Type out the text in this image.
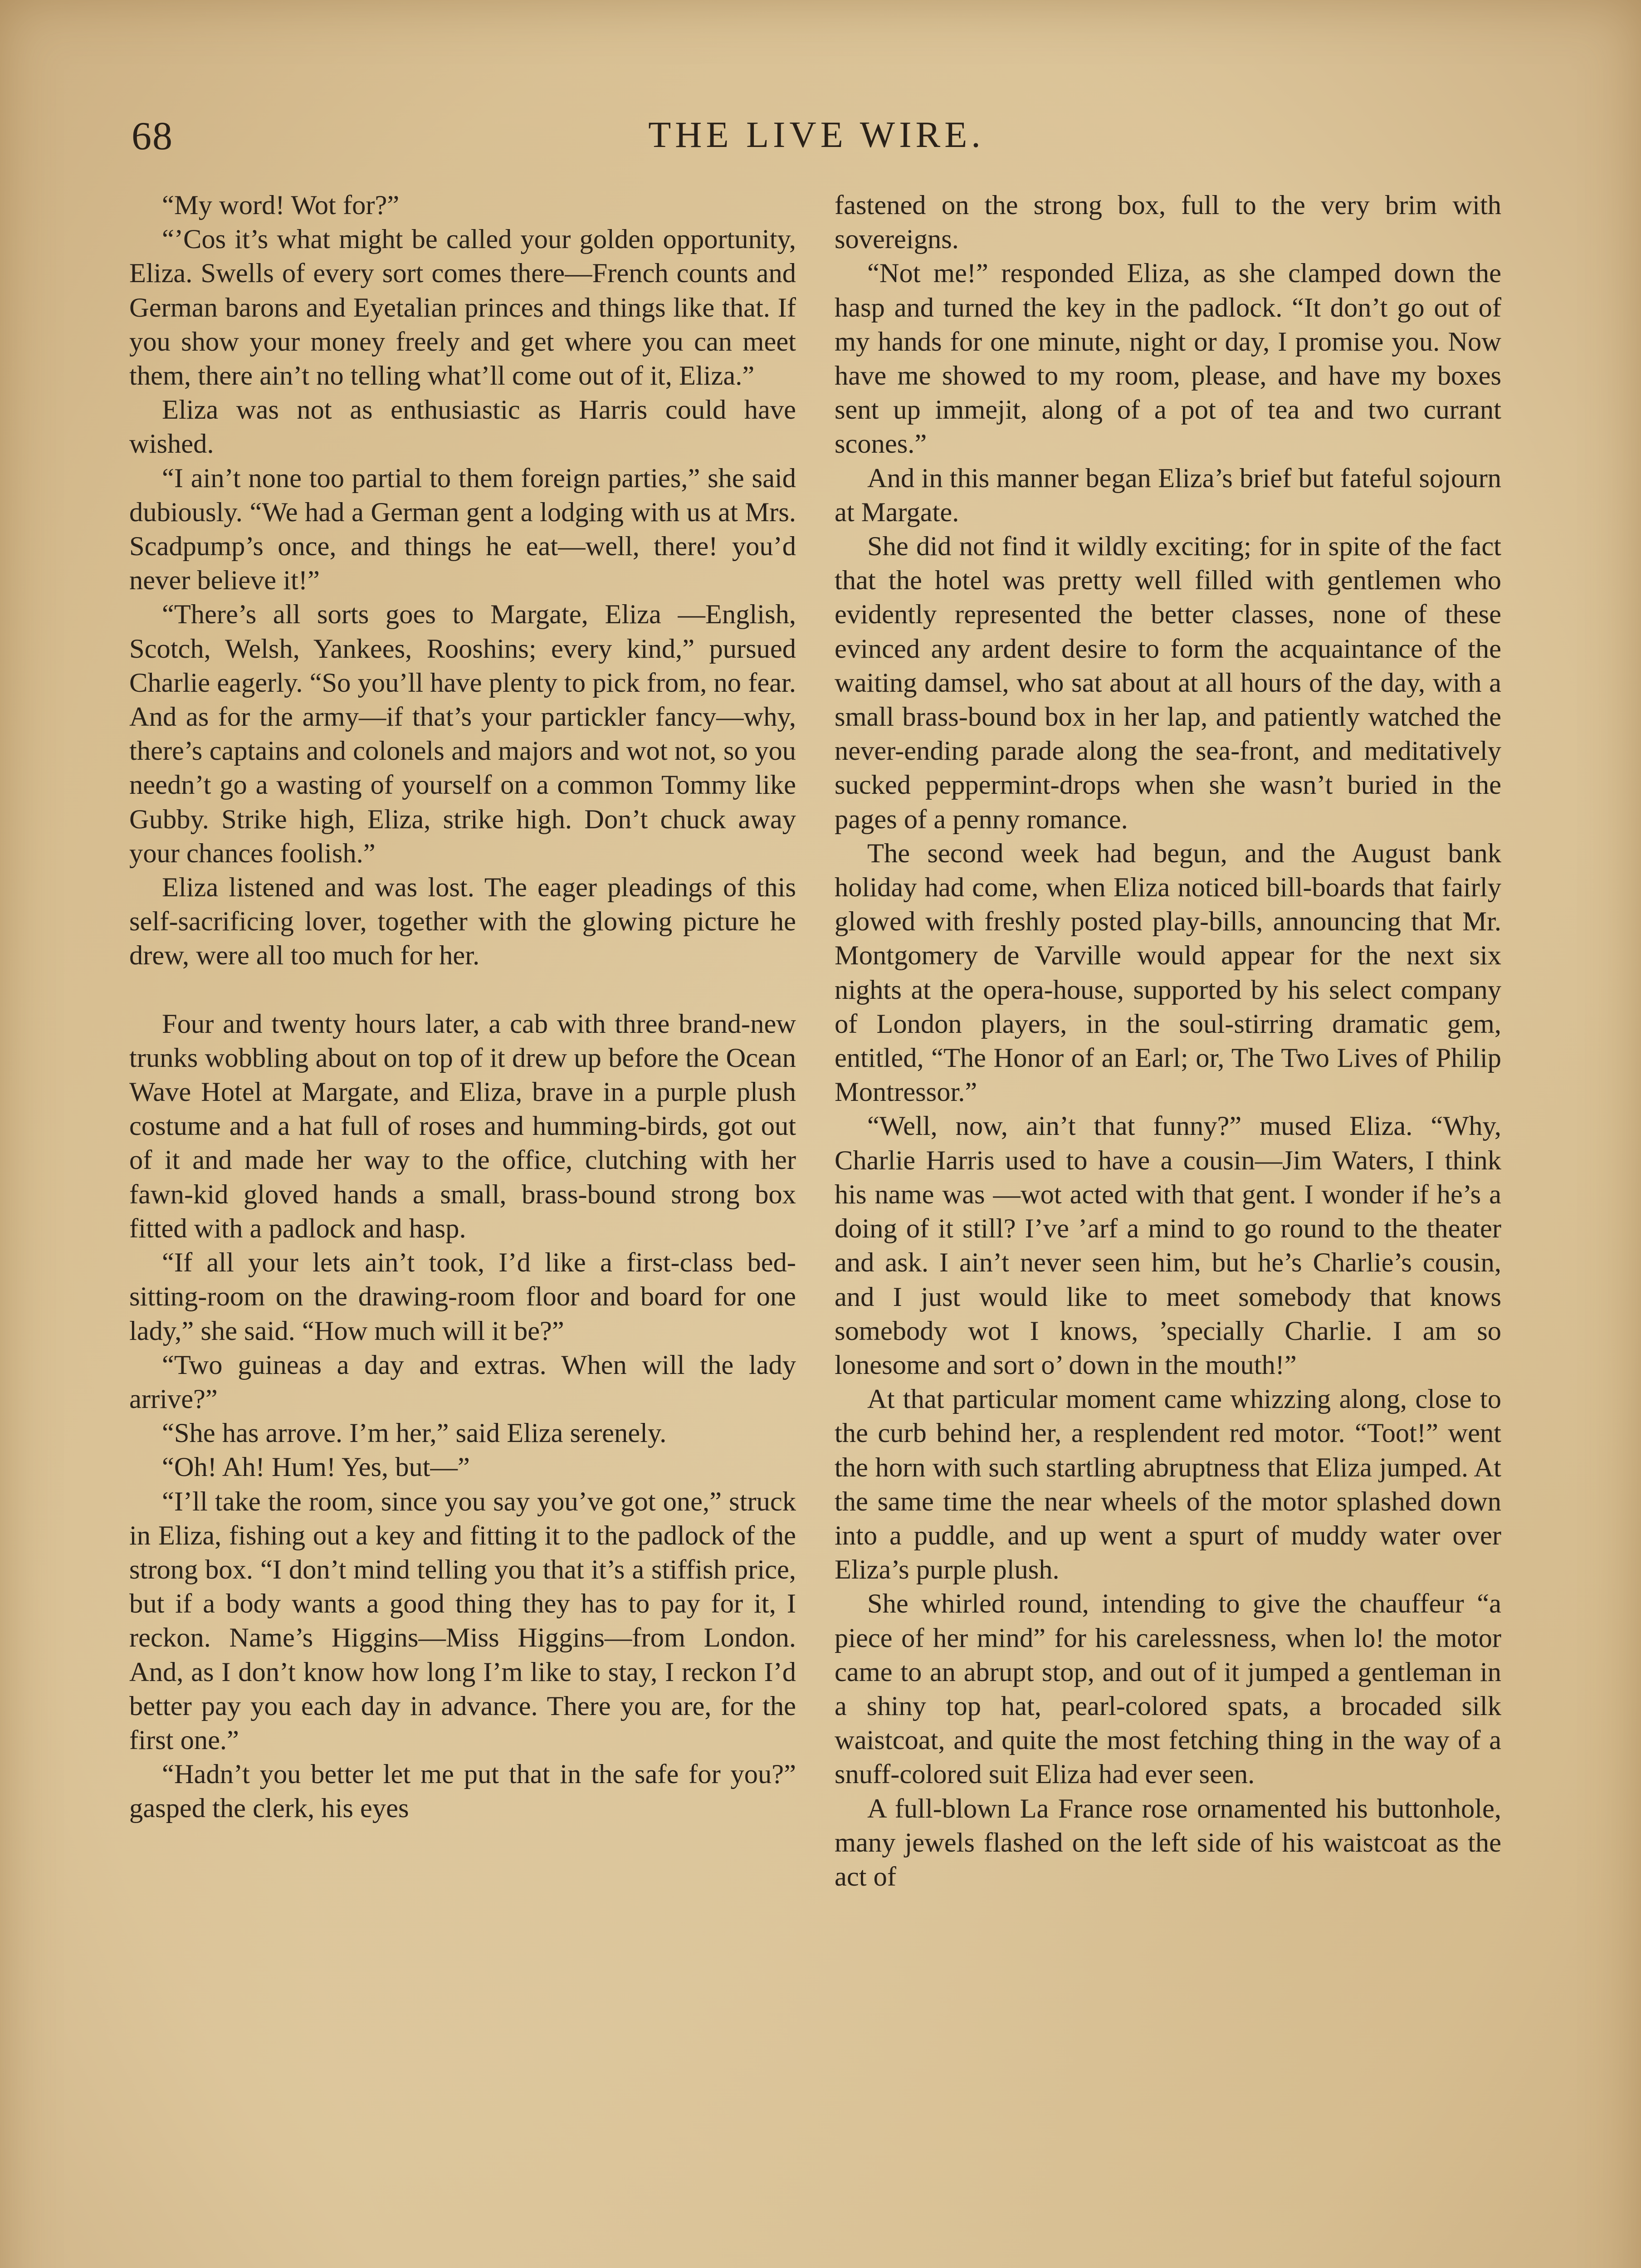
68	THE LIVE WIRE.

“My word! Wot for?”

“’Cos it’s what might be called your golden opportunity, Eliza. Swells of every sort comes there—French counts and German barons and Eyetalian princes and things like that. If you show your money freely and get where you can meet them, there ain’t no telling what’ll come out of it, Eliza.”

Eliza was not as enthusiastic as Harris could have wished.

“I ain’t none too partial to them foreign parties,” she said dubiously. “We had a German gent a lodging with us at Mrs. Scadpump’s once, and things he eat—well, there! you’d never believe it!”

“There’s all sorts goes to Margate, Eliza —English, Scotch, Welsh, Yankees, Rooshins; every kind,” pursued Charlie eagerly. “So you’ll have plenty to pick from, no fear. And as for the army—if that’s your partickler fancy—why, there’s captains and colonels and majors and wot not, so you needn’t go a wasting of yourself on a common Tommy like Gubby. Strike high, Eliza, strike high. Don’t chuck away your chances foolish.”

Eliza listened and was lost. The eager pleadings of this self-sacrificing lover, together with the glowing picture he drew, were all too much for her.

Four and twenty hours later, a cab with three brand-new trunks wobbling about on top of it drew up before the Ocean Wave Hotel at Margate, and Eliza, brave in a purple plush costume and a hat full of roses and humming-birds, got out of it and made her way to the office, clutching with her fawn-kid gloved hands a small, brass-bound strong box fitted with a padlock and hasp.

“If all your lets ain’t took, I’d like a first-class bed-sitting-room on the drawing-room floor and board for one lady,” she said. “How much will it be?”

“Two guineas a day and extras. When will the lady arrive?”

“She has arrove. I’m her,” said Eliza serenely.

“Oh! Ah! Hum! Yes, but—”

“I’ll take the room, since you say you’ve got one,” struck in Eliza, fishing out a key and fitting it to the padlock of the strong box. “I don’t mind telling you that it’s a stiffish price, but if a body wants a good thing they has to pay for it, I reckon. Name’s Higgins—Miss Higgins—from London. And, as I don’t know how long I’m like to stay, I reckon I’d better pay you each day in advance. There you are, for the first one.”

“Hadn’t you better let me put that in the safe for you?” gasped the clerk, his eyes

fastened on the strong box, full to the very brim with sovereigns.

“Not me!” responded Eliza, as she clamped down the hasp and turned the key in the padlock. “It don’t go out of my hands for one minute, night or day, I promise you. Now have me showed to my room, please, and have my boxes sent up immejit, along of a pot of tea and two currant scones.”

And in this manner began Eliza’s brief but fateful sojourn at Margate.

She did not find it wildly exciting; for in spite of the fact that the hotel was pretty well filled with gentlemen who evidently represented the better classes, none of these evinced any ardent desire to form the acquaintance of the waiting damsel, who sat about at all hours of the day, with a small brass-bound box in her lap, and patiently watched the never-ending parade along the sea-front, and meditatively sucked peppermint-drops when she wasn’t buried in the pages of a penny romance.

The second week had begun, and the August bank holiday had come, when Eliza noticed bill-boards that fairly glowed with freshly posted play-bills, announcing that Mr. Montgomery de Varville would appear for the next six nights at the opera-house, supported by his select company of London players, in the soul-stirring dramatic gem, entitled, “The Honor of an Earl; or, The Two Lives of Philip Montressor.”

“Well, now, ain’t that funny?” mused Eliza. “Why, Charlie Harris used to have a cousin—Jim Waters, I think his name was —wot acted with that gent. I wonder if he’s a doing of it still? I’ve ’arf a mind to go round to the theater and ask. I ain’t never seen him, but he’s Charlie’s cousin, and I just would like to meet somebody that knows somebody wot I knows, ’specially Charlie. I am so lonesome and sort o’ down in the mouth!”

At that particular moment came whizzing along, close to the curb behind her, a resplendent red motor. “Toot!” went the horn with such startling abruptness that Eliza jumped. At the same time the near wheels of the motor splashed down into a puddle, and up went a spurt of muddy water over Eliza’s purple plush.

She whirled round, intending to give the chauffeur “a piece of her mind” for his carelessness, when lo! the motor came to an abrupt stop, and out of it jumped a gentleman in a shiny top hat, pearl-colored spats, a brocaded silk waistcoat, and quite the most fetching thing in the way of a snuff-colored suit Eliza had ever seen.

A full-blown La France rose ornamented his buttonhole, many jewels flashed on the left side of his waistcoat as the act of
